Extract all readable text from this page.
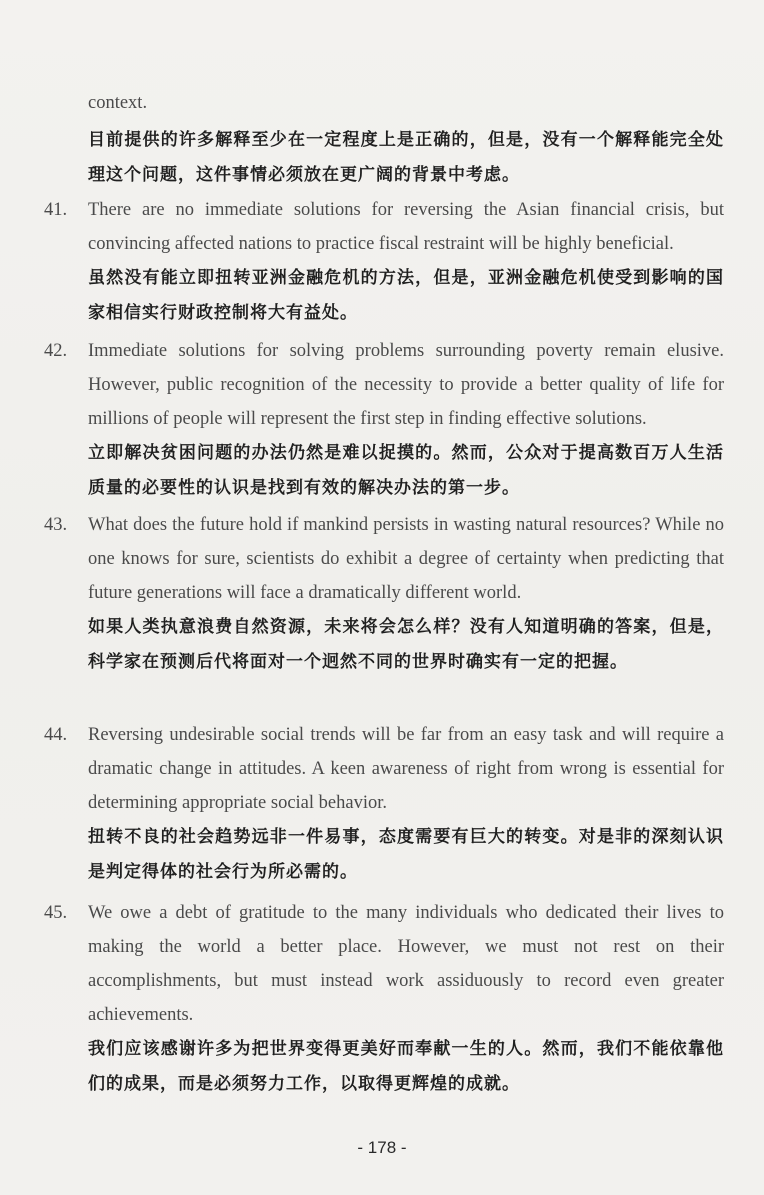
context.
目前提供的许多解释至少在一定程度上是正确的，但是，没有一个解释能完全处理这个问题，这件事情必须放在更广阔的背景中考虑。
41. There are no immediate solutions for reversing the Asian financial crisis, but convincing affected nations to practice fiscal restraint will be highly beneficial.
虽然没有能立即扭转亚洲金融危机的方法，但是，亚洲金融危机使受到影响的国家相信实行财政控制将大有益处。
42. Immediate solutions for solving problems surrounding poverty remain elusive. However, public recognition of the necessity to provide a better quality of life for millions of people will represent the first step in finding effective solutions.
立即解决贫困问题的办法仍然是难以捉摸的。然而，公众对于提高数百万人生活质量的必要性的认识是找到有效的解决办法的第一步。
43. What does the future hold if mankind persists in wasting natural resources? While no one knows for sure, scientists do exhibit a degree of certainty when predicting that future generations will face a dramatically different world.
如果人类执意浪费自然资源，未来将会怎么样？没有人知道明确的答案，但是，科学家在预测后代将面对一个迥然不同的世界时确实有一定的把握。
44. Reversing undesirable social trends will be far from an easy task and will require a dramatic change in attitudes. A keen awareness of right from wrong is essential for determining appropriate social behavior.
扭转不良的社会趋势远非一件易事，态度需要有巨大的转变。对是非的深刻认识是判定得体的社会行为所必需的。
45. We owe a debt of gratitude to the many individuals who dedicated their lives to making the world a better place. However, we must not rest on their accomplishments, but must instead work assiduously to record even greater achievements.
我们应该感谢许多为把世界变得更美好而奉献一生的人。然而，我们不能依靠他们的成果，而是必须努力工作，以取得更辉煌的成就。
- 178 -
